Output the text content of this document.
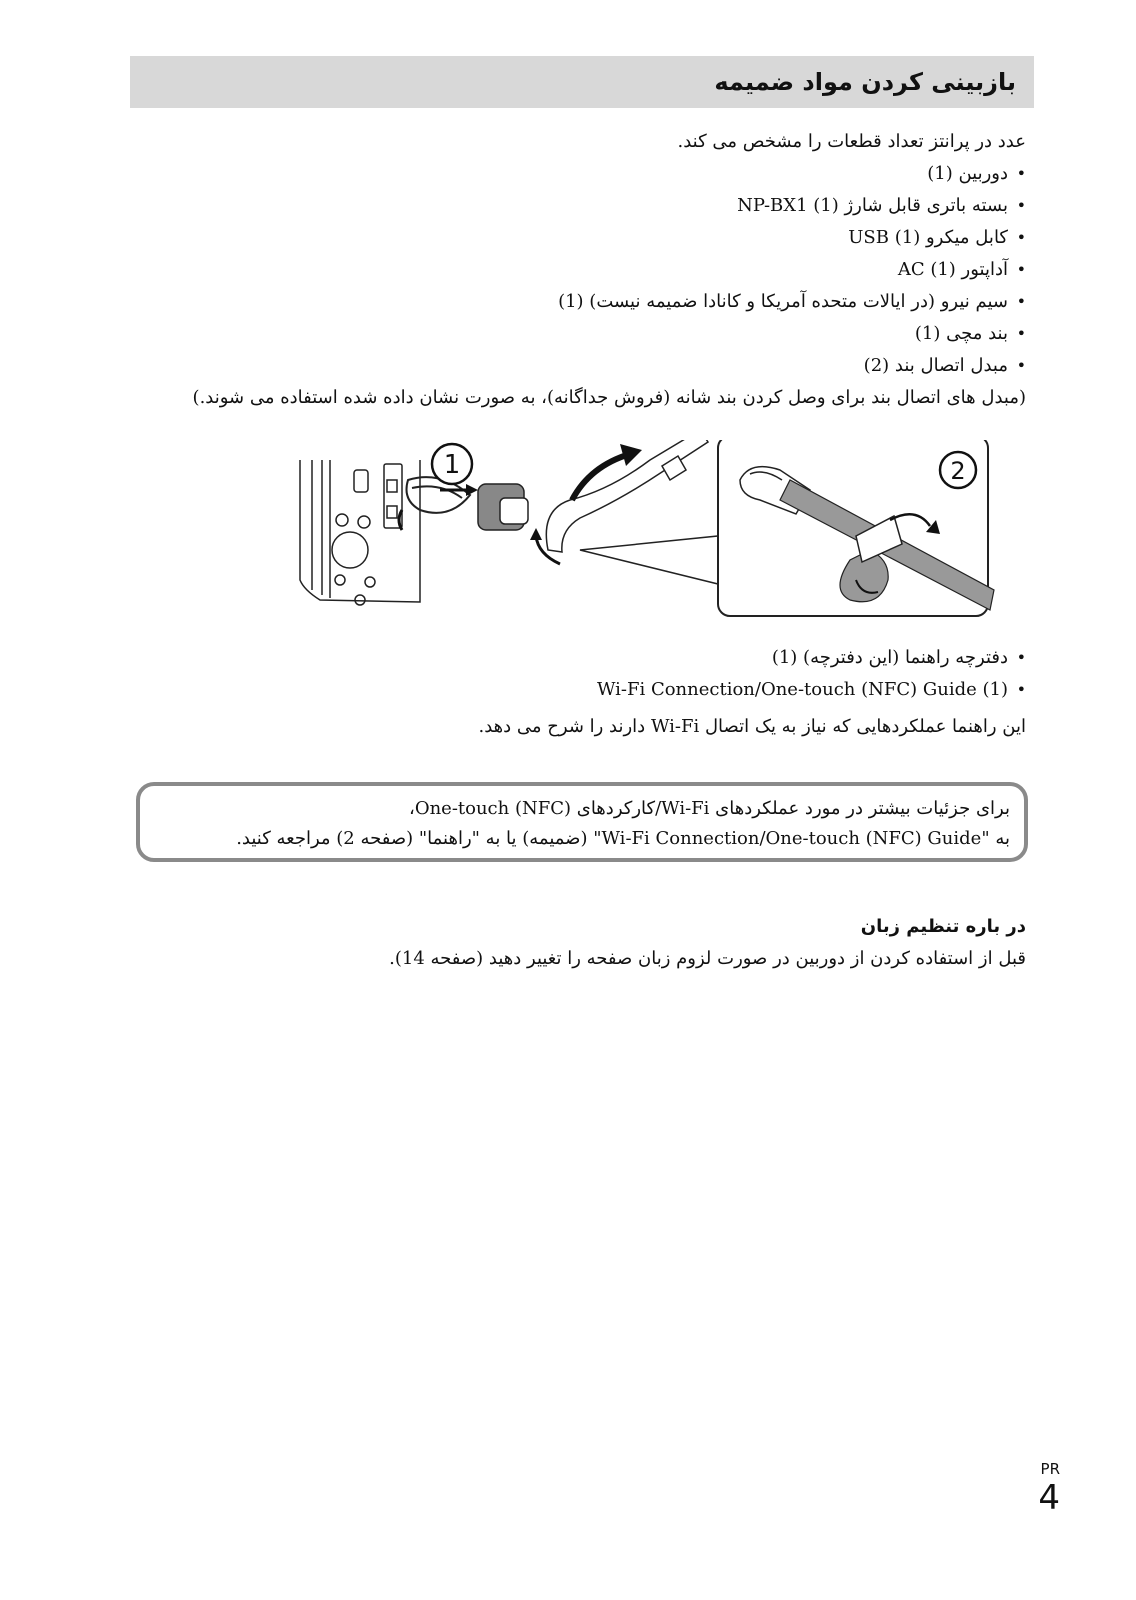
بازبینی کردن مواد ضمیمه
عدد در پرانتز تعداد قطعات را مشخص می کند.
• دوربین (1)
• بسته باتری قابل شارژ NP-BX1 (1)
• کابل میکرو USB (1)
• آداپتور AC (1)
• سیم نیرو (در ایالات متحده آمریکا و کانادا ضمیمه نیست) (1)
• بند مچی (1)
• مبدل اتصال بند (2)
(مبدل های اتصال بند برای وصل کردن بند شانه (فروش جداگانه)، به صورت نشان داده شده استفاده می شوند.)
1	2
• دفترچه راهنما (این دفترچه) (1)
• Wi-Fi Connection/One-touch (NFC) Guide (1)
این راهنما عملکردهایی که نیاز به یک اتصال Wi-Fi دارند را شرح می دهد.
برای جزئیات بیشتر در مورد عملکردهای Wi-Fi/کارکردهای One-touch (NFC)،
به "Wi-Fi Connection/One-touch (NFC) Guide" (ضمیمه) یا به "راهنما" (صفحه 2) مراجعه کنید.
در باره تنظیم زبان
قبل از استفاده کردن از دوربین در صورت لزوم زبان صفحه را تغییر دهید (صفحه 14).
PR
4
